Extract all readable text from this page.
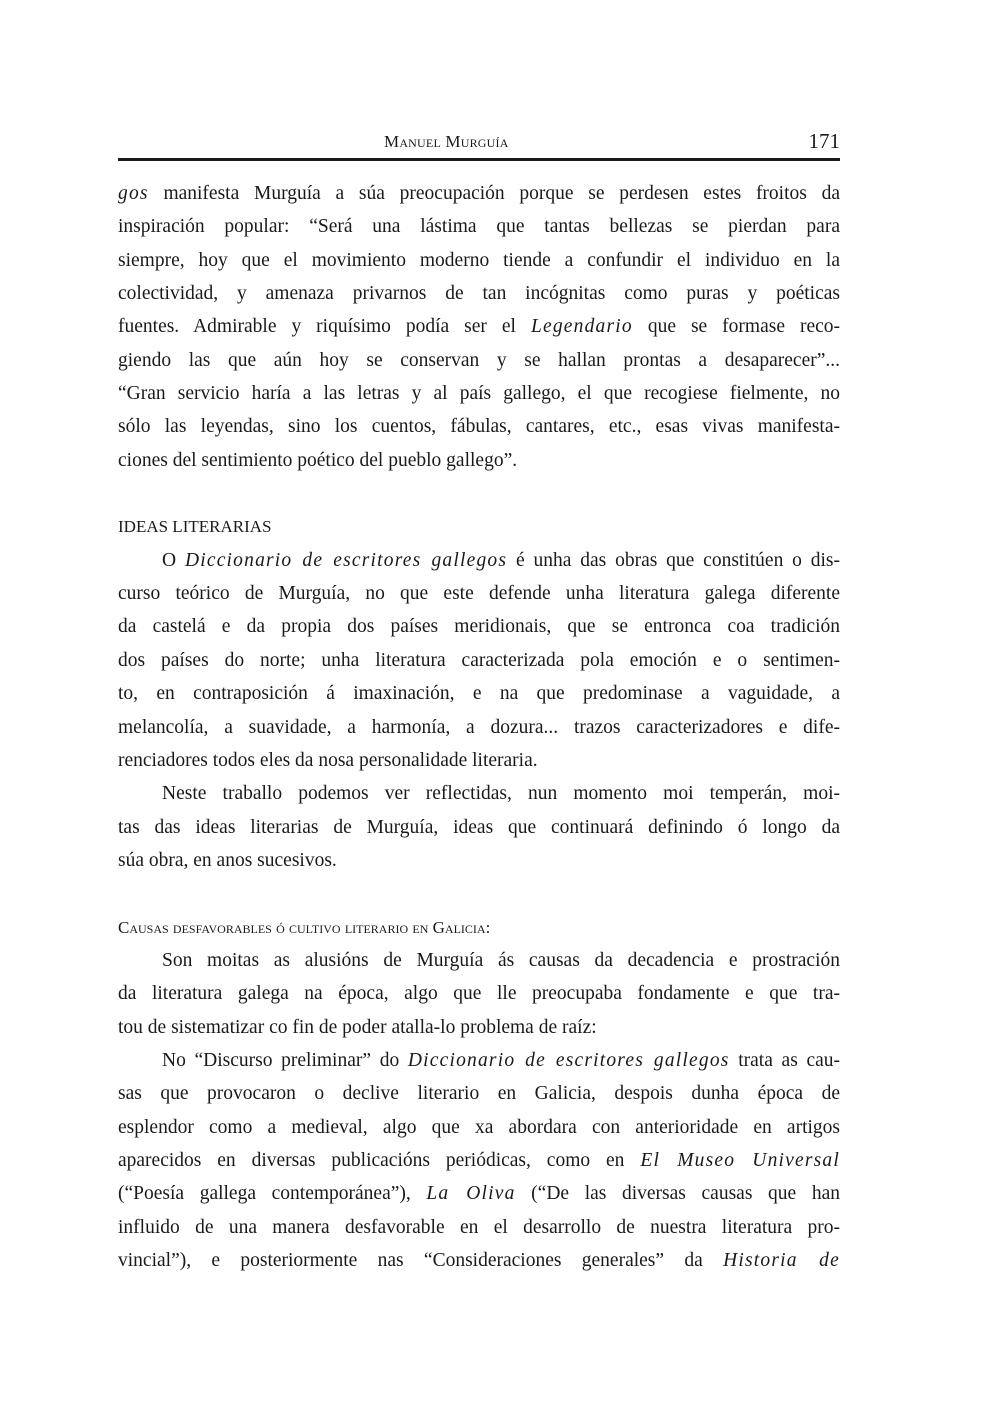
Manuel Murguía	171
gos manifesta Murguía a súa preocupación porque se perdesen estes froitos da
inspiración popular: “Será una lástima que tantas bellezas se pierdan para
siempre, hoy que el movimiento moderno tiende a confundir el individuo en la
colectividad, y amenaza privarnos de tan incógnitas como puras y poéticas
fuentes. Admirable y riquísimo podía ser el Legendario que se formase reco-
giendo las que aún hoy se conservan y se hallan prontas a desaparecer”...
“Gran servicio haría a las letras y al país gallego, el que recogiese fielmente, no
sólo las leyendas, sino los cuentos, fábulas, cantares, etc., esas vivas manifesta-
ciones del sentimiento poético del pueblo gallego”.
IDEAS LITERARIAS
O Diccionario de escritores gallegos é unha das obras que constitúen o dis-
curso teórico de Murguía, no que este defende unha literatura galega diferente
da castelá e da propia dos países meridionais, que se entronca coa tradición
dos países do norte; unha literatura caracterizada pola emoción e o sentimen-
to, en contraposición á imaxinación, e na que predominase a vaguidade, a
melancolía, a suavidade, a harmonía, a dozura... trazos caracterizadores e dife-
renciadores todos eles da nosa personalidade literaria.
Neste traballo podemos ver reflectidas, nun momento moi temperán, moi-
tas das ideas literarias de Murguía, ideas que continuará definindo ó longo da
súa obra, en anos sucesivos.
Causas desfavorables ó cultivo literario en Galicia:
Son moitas as alusións de Murguía ás causas da decadencia e prostración
da literatura galega na época, algo que lle preocupaba fondamente e que tra-
tou de sistematizar co fin de poder atalla-lo problema de raíz:
No “Discurso preliminar” do Diccionario de escritores gallegos trata as cau-
sas que provocaron o declive literario en Galicia, despois dunha época de
esplendor como a medieval, algo que xa abordara con anterioridade en artigos
aparecidos en diversas publicacións periódicas, como en El Museo Universal
(“Poesía gallega contemporánea”), La Oliva (“De las diversas causas que han
influido de una manera desfavorable en el desarrollo de nuestra literatura pro-
vincial”), e posteriormente nas “Consideraciones generales” da Historia de
